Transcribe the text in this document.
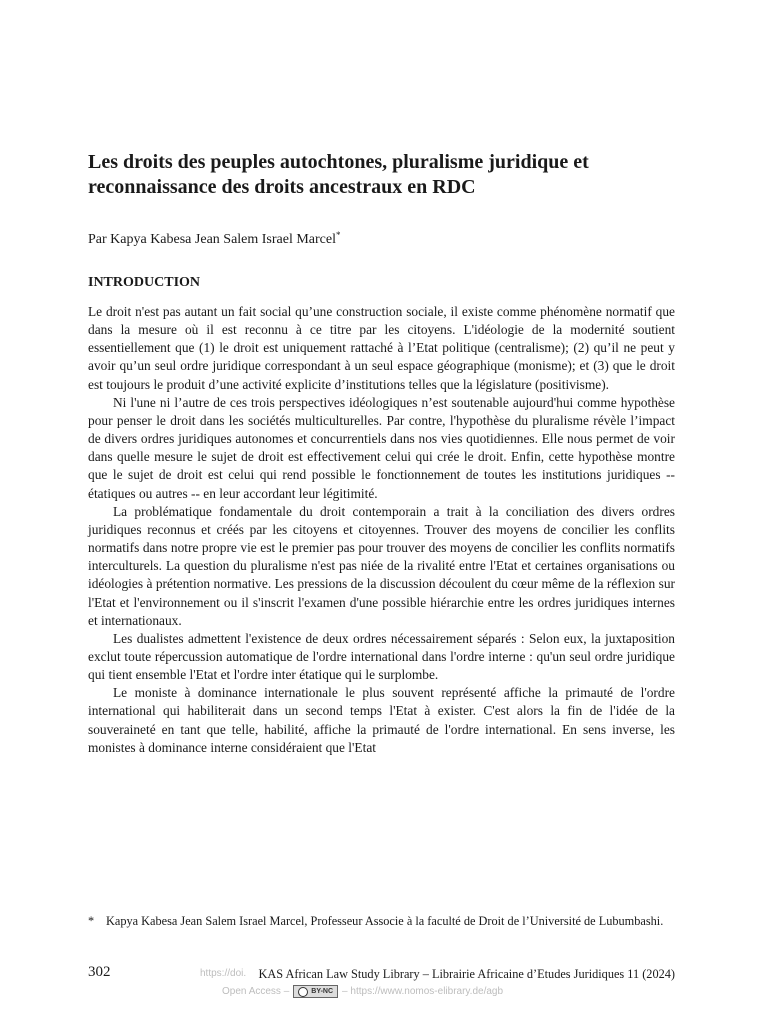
Les droits des peuples autochtones, pluralisme juridique et reconnaissance des droits ancestraux en RDC
Par Kapya Kabesa Jean Salem Israel Marcel*
INTRODUCTION

Le droit n'est pas autant un fait social qu’une construction sociale, il existe comme phénomène normatif que dans la mesure où il est reconnu à ce titre par les citoyens. L'idéologie de la modernité soutient essentiellement que (1) le droit est uniquement rattaché à l’Etat politique (centralisme); (2) qu’il ne peut y avoir qu’un seul ordre juridique correspondant à un seul espace géographique (monisme); et (3) que le droit est toujours le produit d’une activité explicite d’institutions telles que la législature (positivisme).

Ni l'une ni l’autre de ces trois perspectives idéologiques n’est soutenable aujourd'hui comme hypothèse pour penser le droit dans les sociétés multiculturelles. Par contre, l'hypothèse du pluralisme révèle l’impact de divers ordres juridiques autonomes et concurrentiels dans nos vies quotidiennes. Elle nous permet de voir dans quelle mesure le sujet de droit est effectivement celui qui crée le droit. Enfin, cette hypothèse montre que le sujet de droit est celui qui rend possible le fonctionnement de toutes les institutions juridiques -- étatiques ou autres -- en leur accordant leur légitimité.

La problématique fondamentale du droit contemporain a trait à la conciliation des divers ordres juridiques reconnus et créés par les citoyens et citoyennes. Trouver des moyens de concilier les conflits normatifs dans notre propre vie est le premier pas pour trouver des moyens de concilier les conflits normatifs interculturels. La question du pluralisme n'est pas niée de la rivalité entre l'Etat et certaines organisations ou idéologies à prétention normative. Les pressions de la discussion découlent du cœur même de la réflexion sur l'Etat et l'environnement ou il s'inscrit l'examen d'une possible hiérarchie entre les ordres juridiques internes et internationaux.

Les dualistes admettent l'existence de deux ordres nécessairement séparés : Selon eux, la juxtaposition exclut toute répercussion automatique de l'ordre international dans l'ordre interne : qu'un seul ordre juridique qui tient ensemble l'Etat et l'ordre inter étatique qui le surplombe.

Le moniste à dominance internationale le plus souvent représenté affiche la primauté de l'ordre international qui habiliterait dans un second temps l'Etat à exister. C'est alors la fin de l'idée de la souveraineté en tant que telle, habilité, affiche la primauté de l'ordre international. En sens inverse, les monistes à dominance interne considéraient que l'Etat

* Kapya Kabesa Jean Salem Israel Marcel, Professeur Associe à la faculté de Droit de l’Université de Lubumbashi.
https://doi.
Open Access –	BY-NC – https://www.nomos-elibrary.de/agb
302	KAS African Law Study Library – Librairie Africaine d’Etudes Juridiques 11 (2024)
